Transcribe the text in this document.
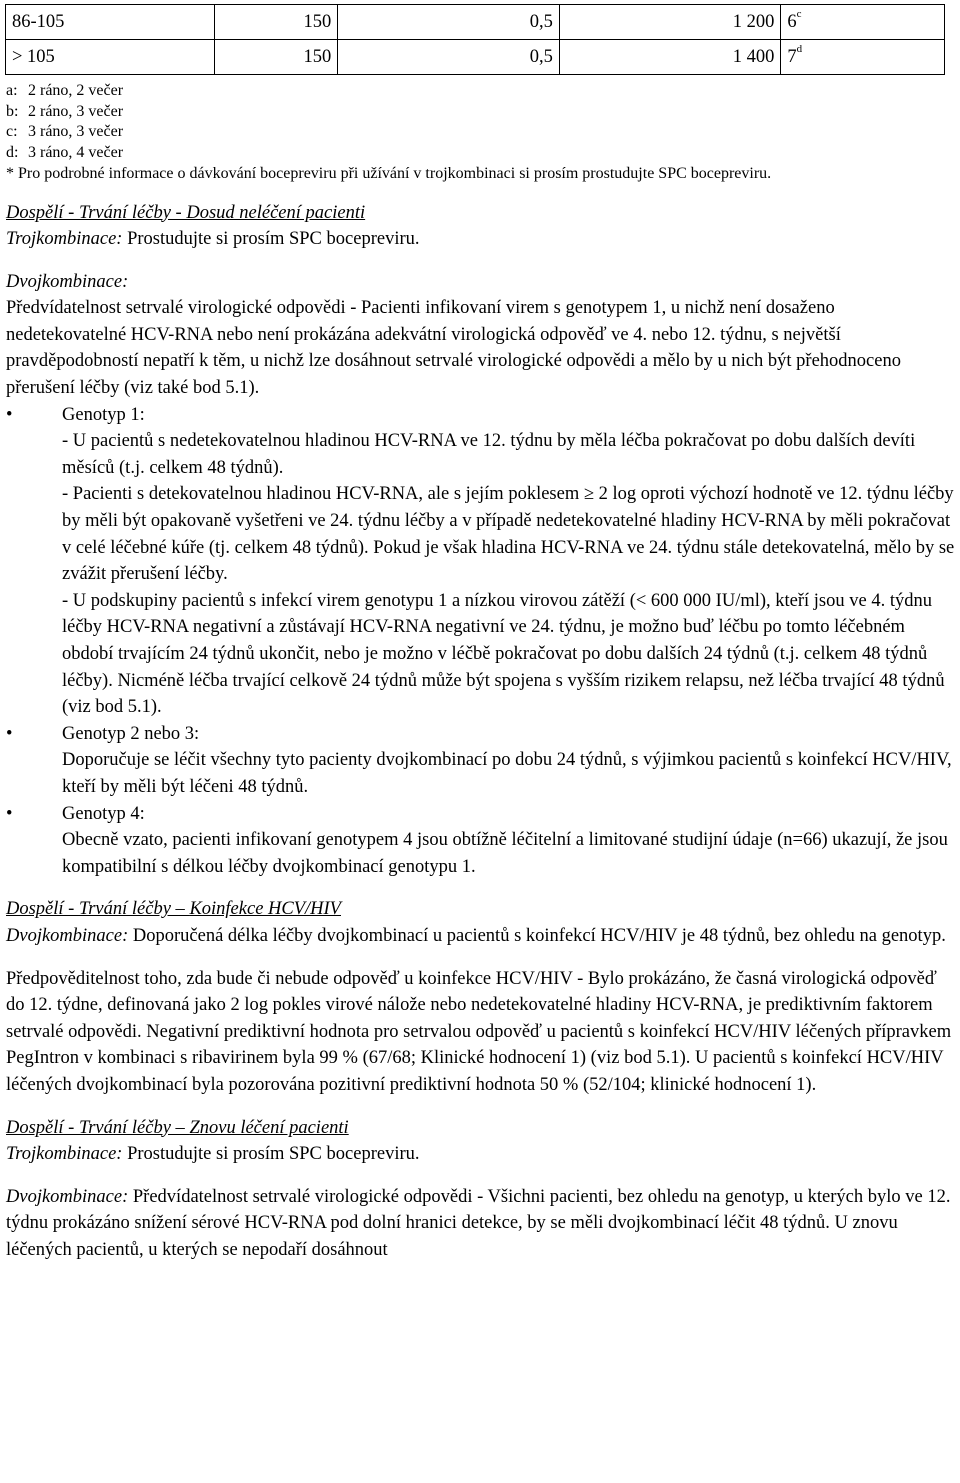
86-105	150	0,5	1 200	$6^c$
> 105	150	0,5	1 400	7$^d$
a: 2 ráno, 2 večer
b: 2 ráno, 3 večer
c: 3 ráno, 3 večer
d: 3 ráno, 4 večer
* Pro podrobné informace o dávkování bocepreviru při užívání v trojkombinaci si prosím prostudujte SPC bocepreviru.

Dospělí - Trvání léčby - Dosud neléčení pacienti

Trojkombinace: Prostudujte si prosím SPC bocepreviru.

Dvojkombinace:

Předvídatelnost setrvalé virologické odpovědi - Pacienti infikovaní virem s genotypem 1, u nichž není dosaženo nedetekovatelné HCV-RNA nebo není prokázána adekvátní virologická odpověď ve 4. nebo 12. týdnu, s největší pravděpodobností nepatří k těm, u nichž lze dosáhnout setrvalé virologické odpovědi a mělo by u nich být přehodnoceno přerušení léčby (viz také bod 5.1).

•	Genotyp 1:
- U pacientů s nedetekovatelnou hladinou HCV-RNA ve 12. týdnu by měla léčba pokračovat po dobu dalších devíti měsíců (t.j. celkem 48 týdnů).
- Pacienti s detekovatelnou hladinou HCV-RNA, ale s jejím poklesem ≥ 2 log oproti výchozí hodnotě ve 12. týdnu léčby by měli být opakovaně vyšetřeni ve 24. týdnu léčby a v případě nedetekovatelné hladiny HCV-RNA by měli pokračovat v celé léčebné kúře (tj. celkem 48 týdnů). Pokud je však hladina HCV-RNA ve 24. týdnu stále detekovatelná, mělo by se zvážit přerušení léčby.
- U podskupiny pacientů s infekcí virem genotypu 1 a nízkou virovou zátěží (< 600 000 IU/ml), kteří jsou ve 4. týdnu léčby HCV-RNA negativní a zůstávají HCV-RNA negativní ve 24. týdnu, je možno buď léčbu po tomto léčebném období trvajícím 24 týdnů ukončit, nebo je možno v léčbě pokračovat po dobu dalších 24 týdnů (t.j. celkem 48 týdnů léčby). Nicméně léčba trvající celkově 24 týdnů může být spojena s vyšším rizikem relapsu, než léčba trvající 48 týdnů (viz bod 5.1).
•	Genotyp 2 nebo 3:
Doporučuje se léčit všechny tyto pacienty dvojkombinací po dobu 24 týdnů, s výjimkou pacientů s koinfekcí HCV/HIV, kteří by měli být léčeni 48 týdnů.
•	Genotyp 4:
Obecně vzato, pacienti infikovaní genotypem 4 jsou obtížně léčitelní a limitované studijní údaje (n=66) ukazují, že jsou kompatibilní s délkou léčby dvojkombinací genotypu 1.

Dospělí - Trvání léčby – Koinfekce HCV/HIV

Dvojkombinace: Doporučená délka léčby dvojkombinací u pacientů s koinfekcí HCV/HIV je 48 týdnů, bez ohledu na genotyp.

Předpověditelnost toho, zda bude či nebude odpověď u koinfekce HCV/HIV - Bylo prokázáno, že časná virologická odpověď do 12. týdne, definovaná jako 2 log pokles virové nálože nebo nedetekovatelné hladiny HCV-RNA, je prediktivním faktorem setrvalé odpovědi. Negativní prediktivní hodnota pro setrvalou odpověď u pacientů s koinfekcí HCV/HIV léčených přípravkem PegIntron v kombinaci s ribavirinem byla 99 % (67/68; Klinické hodnocení 1) (viz bod 5.1). U pacientů s koinfekcí HCV/HIV léčených dvojkombinací byla pozorována pozitivní prediktivní hodnota 50 % (52/104; klinické hodnocení 1).

Dospělí - Trvání léčby – Znovu léčení pacienti

Trojkombinace: Prostudujte si prosím SPC bocepreviru.

Dvojkombinace: Předvídatelnost setrvalé virologické odpovědi - Všichni pacienti, bez ohledu na genotyp, u kterých bylo ve 12. týdnu prokázáno snížení sérové HCV-RNA pod dolní hranici detekce, by se měli dvojkombinací léčit 48 týdnů. U znovu léčených pacientů, u kterých se nepodaří dosáhnout
